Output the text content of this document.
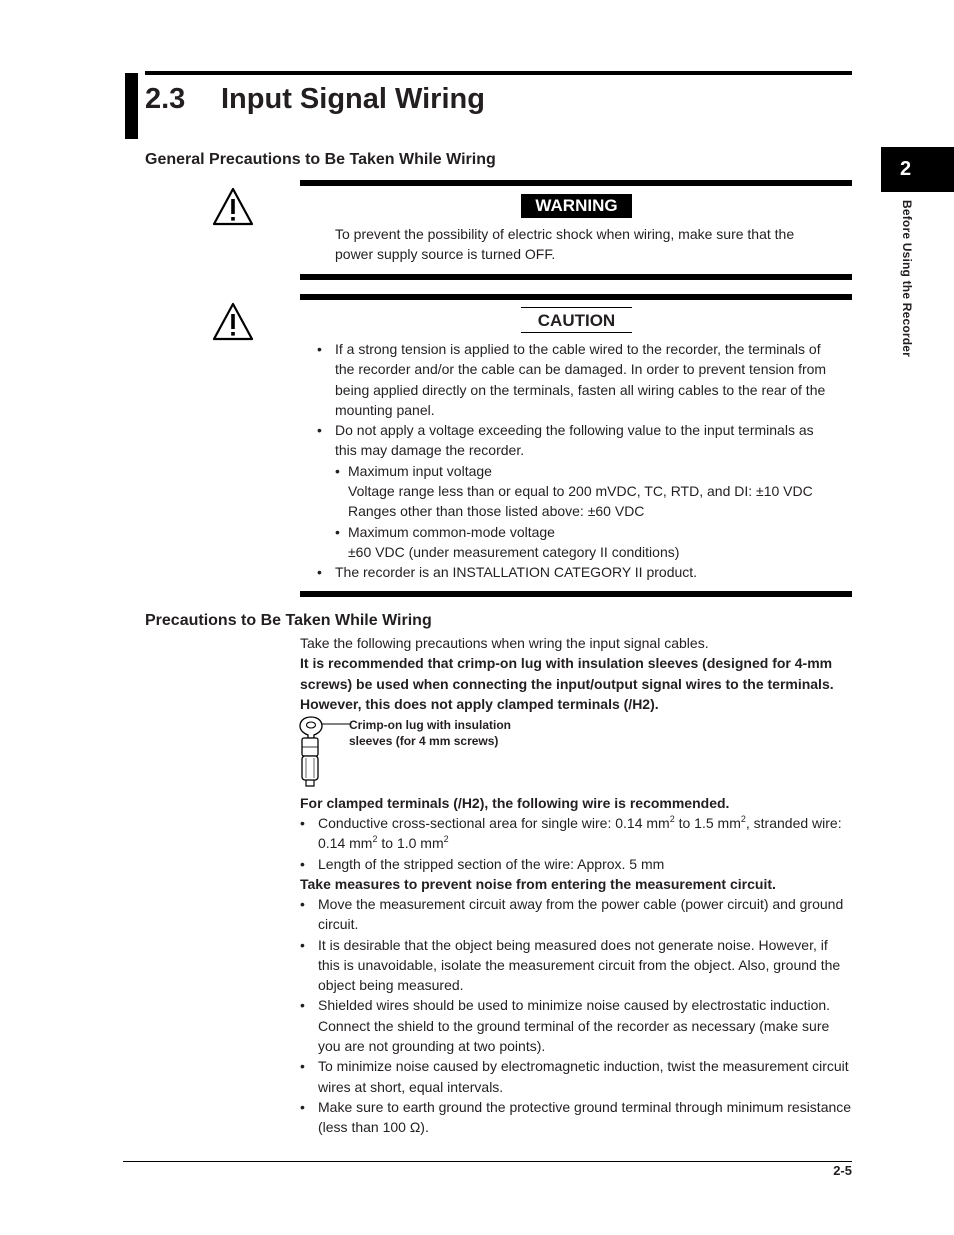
2.3 Input Signal Wiring
2
Before Using the Recorder
General Precautions to Be Taken While Wiring
WARNING

To prevent the possibility of electric shock when wiring, make sure that the

power supply source is turned OFF.

CAUTION
• If a strong tension is applied to the cable wired to the recorder, the terminals of the recorder and/or the cable can be damaged. In order to prevent tension from being applied directly on the terminals, fasten all wiring cables to the rear of the mounting panel.
• Do not apply a voltage exceeding the following value to the input terminals as this may damage the recorder.
• Maximum input voltage
Voltage range less than or equal to 200 mVDC, TC, RTD, and DI: ±10 VDC
Ranges other than those listed above: ±60 VDC
• Maximum common-mode voltage
±60 VDC (under measurement category II conditions)
• The recorder is an INSTALLATION CATEGORY II product.
Precautions to Be Taken While Wiring

Take the following precautions when wring the input signal cables.

It is recommended that crimp-on lug with insulation sleeves (designed for 4-mm

screws) be used when connecting the input/output signal wires to the terminals.

However, this does not apply clamped terminals (/H2).

Crimp-on lug with insulation
sleeves (for 4 mm screws)
For clamped terminals (/H2), the following wire is recommended.
• Conductive cross-sectional area for single wire: 0.14 $mm^2$ to 1.5 $mm^2$, stranded wire:
0.14 $mm^2$ to 1.0 $mm^2$
• Length of the stripped section of the wire: Approx. 5 mm
Take measures to prevent noise from entering the measurement circuit.
• Move the measurement circuit away from the power cable (power circuit) and ground circuit.
• It is desirable that the object being measured does not generate noise. However, if this is unavoidable, isolate the measurement circuit from the object. Also, ground the object being measured.
• Shielded wires should be used to minimize noise caused by electrostatic induction. Connect the shield to the ground terminal of the recorder as necessary (make sure you are not grounding at two points).
• To minimize noise caused by electromagnetic induction, twist the measurement circuit wires at short, equal intervals.
• Make sure to earth ground the protective ground terminal through minimum resistance (less than 100 Ω).
2-5
